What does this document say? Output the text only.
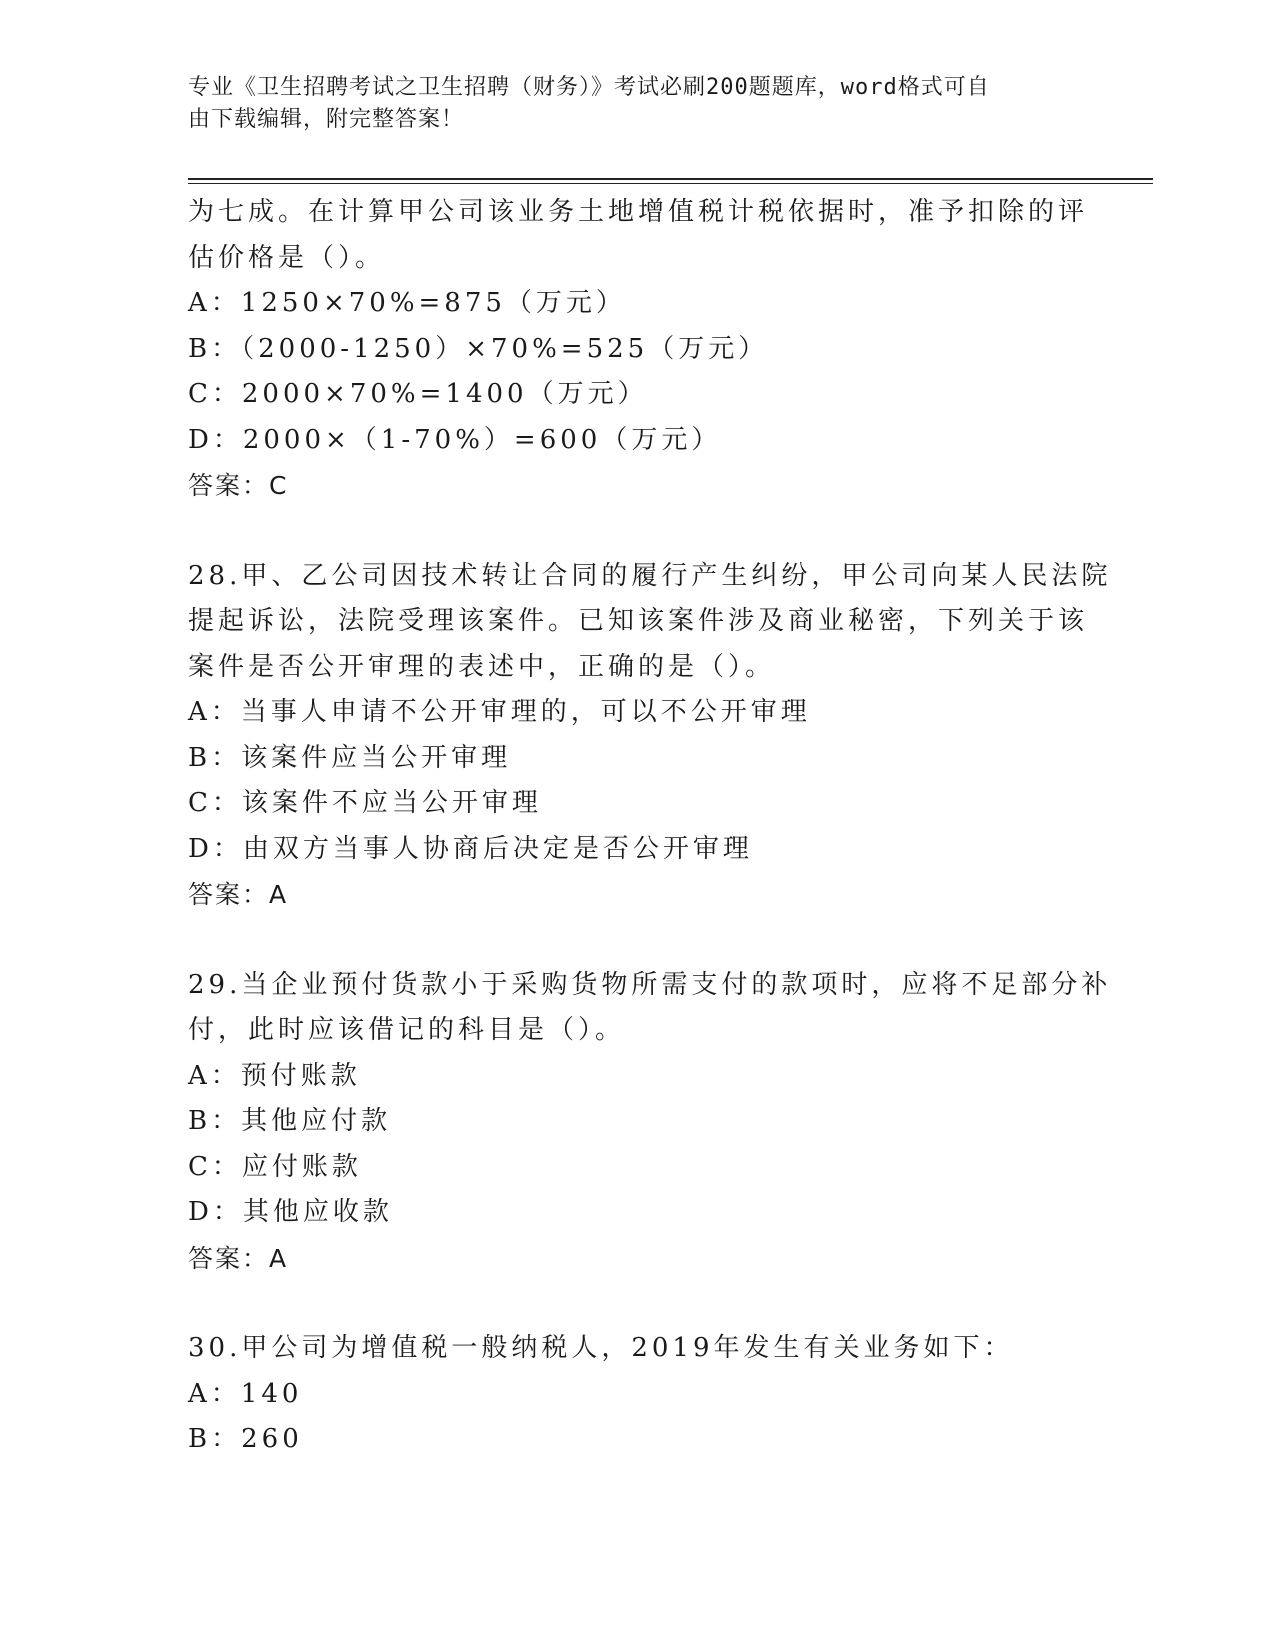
专业《卫生招聘考试之卫生招聘（财务）》考试必刷200题题库，word格式可自
由下载编辑，附完整答案！
为七成。在计算甲公司该业务土地增值税计税依据时，准予扣除的评
估价格是（）。
A：1250×70%=875（万元）
B：（2000-1250）×70%=525（万元）
C：2000×70%=1400（万元）
D：2000×（1-70%）=600（万元）
答案：C
28.甲、乙公司因技术转让合同的履行产生纠纷，甲公司向某人民法院
提起诉讼，法院受理该案件。已知该案件涉及商业秘密，下列关于该
案件是否公开审理的表述中，正确的是（）。
A：当事人申请不公开审理的，可以不公开审理
B：该案件应当公开审理
C：该案件不应当公开审理
D：由双方当事人协商后决定是否公开审理
答案：A
29.当企业预付货款小于采购货物所需支付的款项时，应将不足部分补
付，此时应该借记的科目是（）。
A：预付账款
B：其他应付款
C：应付账款
D：其他应收款
答案：A
30.甲公司为增值税一般纳税人，2019年发生有关业务如下：
A：140
B：260
